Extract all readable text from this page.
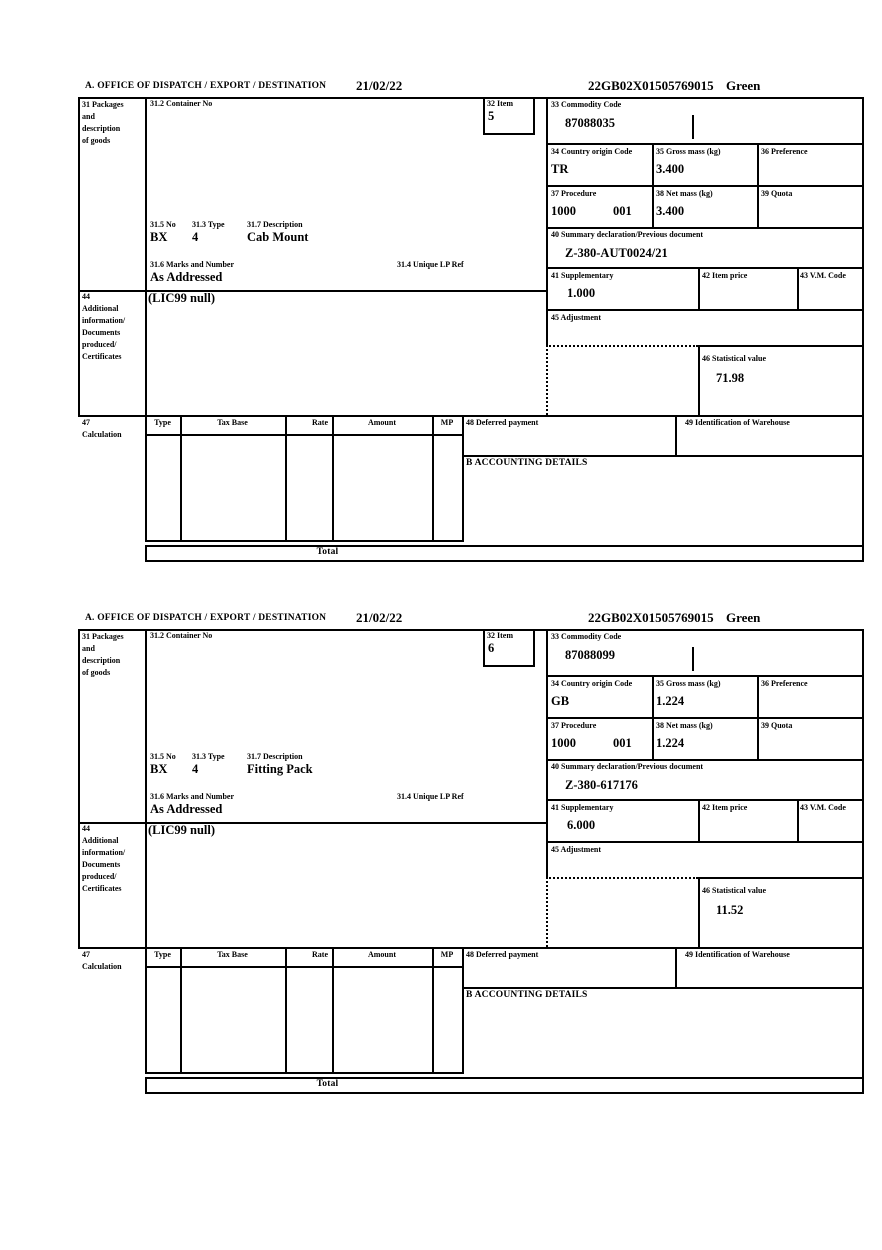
A. OFFICE OF DISPATCH / EXPORT / DESTINATION 21/02/22	22GB02X01505769015 Green
31 Packages
and
description
of goods
31.2 Container No	32 Item
5
33 Commodity Code
87088035
34 Country origin Code
TR
35 Gross mass (kg)
3.400
36 Preference
37 Procedure
1000	001
38 Net mass (kg)
3.400
39 Quota
31.5 No 31.3 Type	31.7 Description
BX 4	Cab Mount
31.6 Marks and Number	31.4 Unique LP Ref
As Addressed
40 Summary declaration/Previous document
Z-380-AUT0024/21
41 Supplementary
1.000
42 Item price	43 V.M. Code
44
Additional
information/
Documents
produced/
Certificates
(LIC99 null)
45 Adjustment
46 Statistical value
71.98
47
Calculation
Type	Tax Base	Rate	Amount	MP	48 Deferred payment	49 Identification of Warehouse
B ACCOUNTING DETAILS
Total
A. OFFICE OF DISPATCH / EXPORT / DESTINATION 21/02/22	22GB02X01505769015 Green
31 Packages
and
description
of goods
31.2 Container No	32 Item
6
33 Commodity Code
87088099
34 Country origin Code
GB
35 Gross mass (kg)
1.224
36 Preference
37 Procedure
1000	001
38 Net mass (kg)
1.224
39 Quota
31.5 No 31.3 Type	31.7 Description
BX 4	Fitting Pack
31.6 Marks and Number	31.4 Unique LP Ref
As Addressed
40 Summary declaration/Previous document
Z-380-617176
41 Supplementary
6.000
42 Item price	43 V.M. Code
44
Additional
information/
Documents
produced/
Certificates
(LIC99 null)
45 Adjustment
46 Statistical value
11.52
47
Calculation
Type	Tax Base	Rate	Amount	MP	48 Deferred payment	49 Identification of Warehouse
B ACCOUNTING DETAILS
Total
